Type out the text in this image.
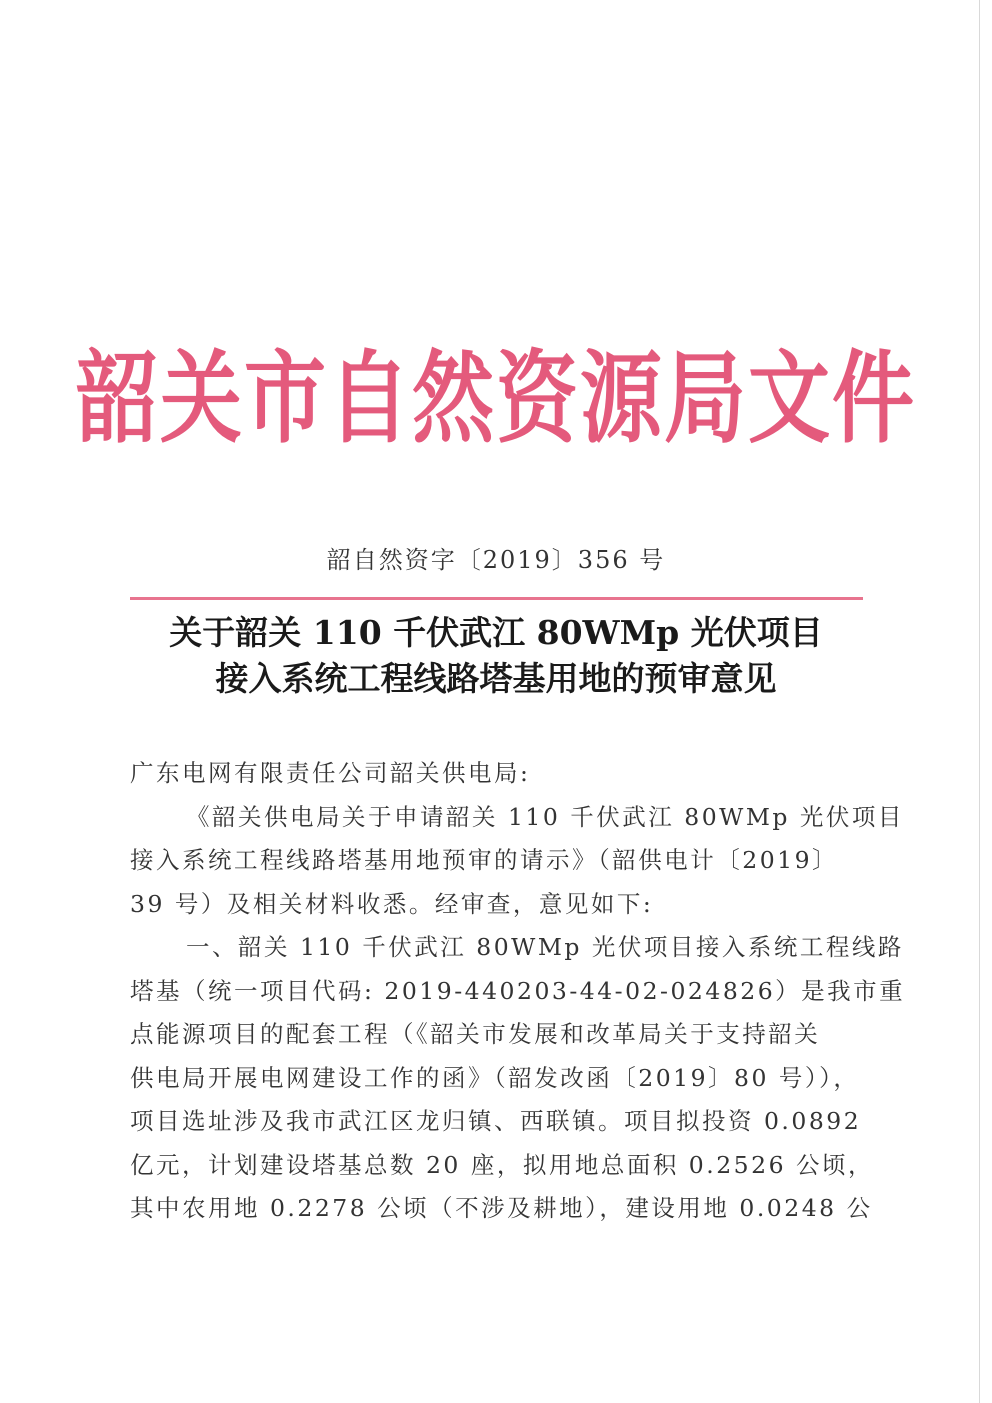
韶关市自然资源局文件
韶自然资字〔2019〕356 号
关于韶关 110 千伏武江 80WMp 光伏项目
接入系统工程线路塔基用地的预审意见

广东电网有限责任公司韶关供电局:

《韶关供电局关于申请韶关 110 千伏武江 80WMp 光伏项目

接入系统工程线路塔基用地预审的请示》（韶供电计〔2019〕

39 号）及相关材料收悉。经审查，意见如下:

一、韶关 110 千伏武江 80WMp 光伏项目接入系统工程线路

塔基（统一项目代码: 2019-440203-44-02-024826）是我市重

点能源项目的配套工程（《韶关市发展和改革局关于支持韶关

供电局开展电网建设工作的函》（韶发改函〔2019〕80 号）），

项目选址涉及我市武江区龙归镇、西联镇。项目拟投资 0.0892

亿元，计划建设塔基总数 20 座，拟用地总面积 0.2526 公顷，

其中农用地 0.2278 公顷（不涉及耕地），建设用地 0.0248 公
